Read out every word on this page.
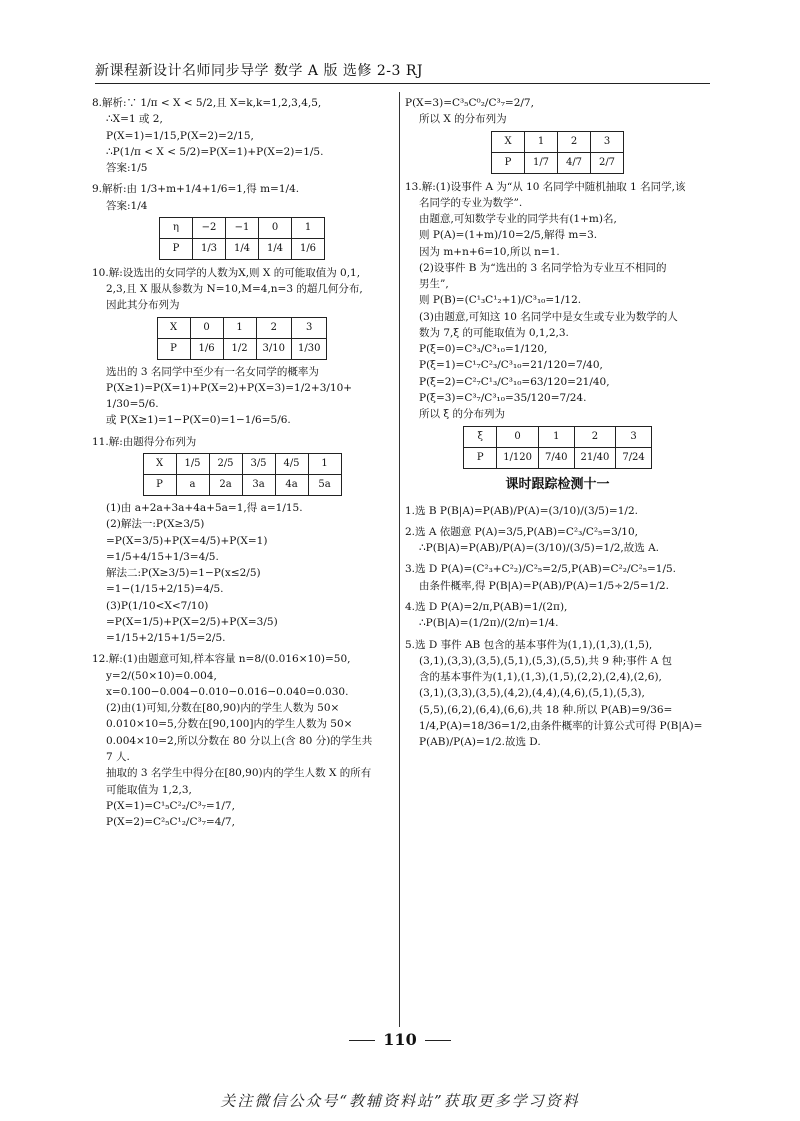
新课程新设计名师同步导学 数学 A 版 选修 2-3 RJ
8.解析:∵ 1/π < X < 5/2,且 X=k,k=1,2,3,4,5,
∴X=1 或 2,
P(X=1)=1/15,P(X=2)=2/15,
∴P(1/π < X < 5/2)=P(X=1)+P(X=2)=1/5.
答案:1/5
9.解析:由 1/3+m+1/4+1/6=1,得 m=1/4.
答案:1/4
η	−2	−1	0	1
P	1/3	1/4	1/4	1/6
10.解:设选出的女同学的人数为X,则 X 的可能取值为 0,1,
2,3,且 X 服从参数为 N=10,M=4,n=3 的超几何分布,
因此其分布列为
X	0	1	2	3
P	1/6	1/2	3/10	1/30
选出的 3 名同学中至少有一名女同学的概率为
P(X≥1)=P(X=1)+P(X=2)+P(X=3)=1/2+3/10+
1/30=5/6.
或 P(X≥1)=1−P(X=0)=1−1/6=5/6.
11.解:由题得分布列为
X	1/5	2/5	3/5	4/5	1
P	a	2a	3a	4a	5a
(1)由 a+2a+3a+4a+5a=1,得 a=1/15.
(2)解法一:P(X≥3/5)
=P(X=3/5)+P(X=4/5)+P(X=1)
=1/5+4/15+1/3=4/5.
解法二:P(X≥3/5)=1−P(x≤2/5)
=1−(1/15+2/15)=4/5.
(3)P(1/10<X<7/10)
=P(X=1/5)+P(X=2/5)+P(X=3/5)
=1/15+2/15+1/5=2/5.
12.解:(1)由题意可知,样本容量 n=8/(0.016×10)=50,
y=2/(50×10)=0.004,
x=0.100−0.004−0.010−0.016−0.040=0.030.
(2)由(1)可知,分数在[80,90)内的学生人数为 50×
0.010×10=5,分数在[90,100]内的学生人数为 50×
0.004×10=2,所以分数在 80 分以上(含 80 分)的学生共
7 人.
抽取的 3 名学生中得分在[80,90)内的学生人数 X 的所有
可能取值为 1,2,3,
P(X=1)=C¹₅C²₂/C³₇=1/7,
P(X=2)=C²₅C¹₂/C³₇=4/7,
P(X=3)=C³₅C⁰₂/C³₇=2/7,
所以 X 的分布列为
X	1	2	3
P	1/7	4/7	2/7
13.解:(1)设事件 A 为“从 10 名同学中随机抽取 1 名同学,该
名同学的专业为数学”.
由题意,可知数学专业的同学共有(1+m)名,
则 P(A)=(1+m)/10=2/5,解得 m=3.
因为 m+n+6=10,所以 n=1.
(2)设事件 B 为“选出的 3 名同学恰为专业互不相同的
男生”,
则 P(B)=(C¹₃C¹₂+1)/C³₁₀=1/12.
(3)由题意,可知这 10 名同学中是女生或专业为数学的人
数为 7,ξ 的可能取值为 0,1,2,3.
P(ξ=0)=C³₃/C³₁₀=1/120,
P(ξ=1)=C¹₇C²₃/C³₁₀=21/120=7/40,
P(ξ=2)=C²₇C¹₃/C³₁₀=63/120=21/40,
P(ξ=3)=C³₇/C³₁₀=35/120=7/24.
所以 ξ 的分布列为
ξ	0	1	2	3
P	1/120	7/40	21/40	7/24
课时跟踪检测十一
1.选 B P(B|A)=P(AB)/P(A)=(3/10)/(3/5)=1/2.
2.选 A 依题意 P(A)=3/5,P(AB)=C²₃/C²₅=3/10,
∴P(B|A)=P(AB)/P(A)=(3/10)/(3/5)=1/2,故选 A.
3.选 D P(A)=(C²₃+C²₂)/C²₅=2/5,P(AB)=C²₂/C²₅=1/5.
由条件概率,得 P(B|A)=P(AB)/P(A)=1/5÷2/5=1/2.
4.选 D P(A)=2/π,P(AB)=1/(2π),
∴P(B|A)=(1/2π)/(2/π)=1/4.
5.选 D 事件 AB 包含的基本事件为(1,1),(1,3),(1,5),
(3,1),(3,3),(3,5),(5,1),(5,3),(5,5),共 9 种;事件 A 包
含的基本事件为(1,1),(1,3),(1,5),(2,2),(2,4),(2,6),
(3,1),(3,3),(3,5),(4,2),(4,4),(4,6),(5,1),(5,3),
(5,5),(6,2),(6,4),(6,6),共 18 种.所以 P(AB)=9/36=
1/4,P(A)=18/36=1/2,由条件概率的计算公式可得 P(B|A)=
P(AB)/P(A)=1/2.故选 D.
110
关注微信公众号“教辅资料站”获取更多学习资料
